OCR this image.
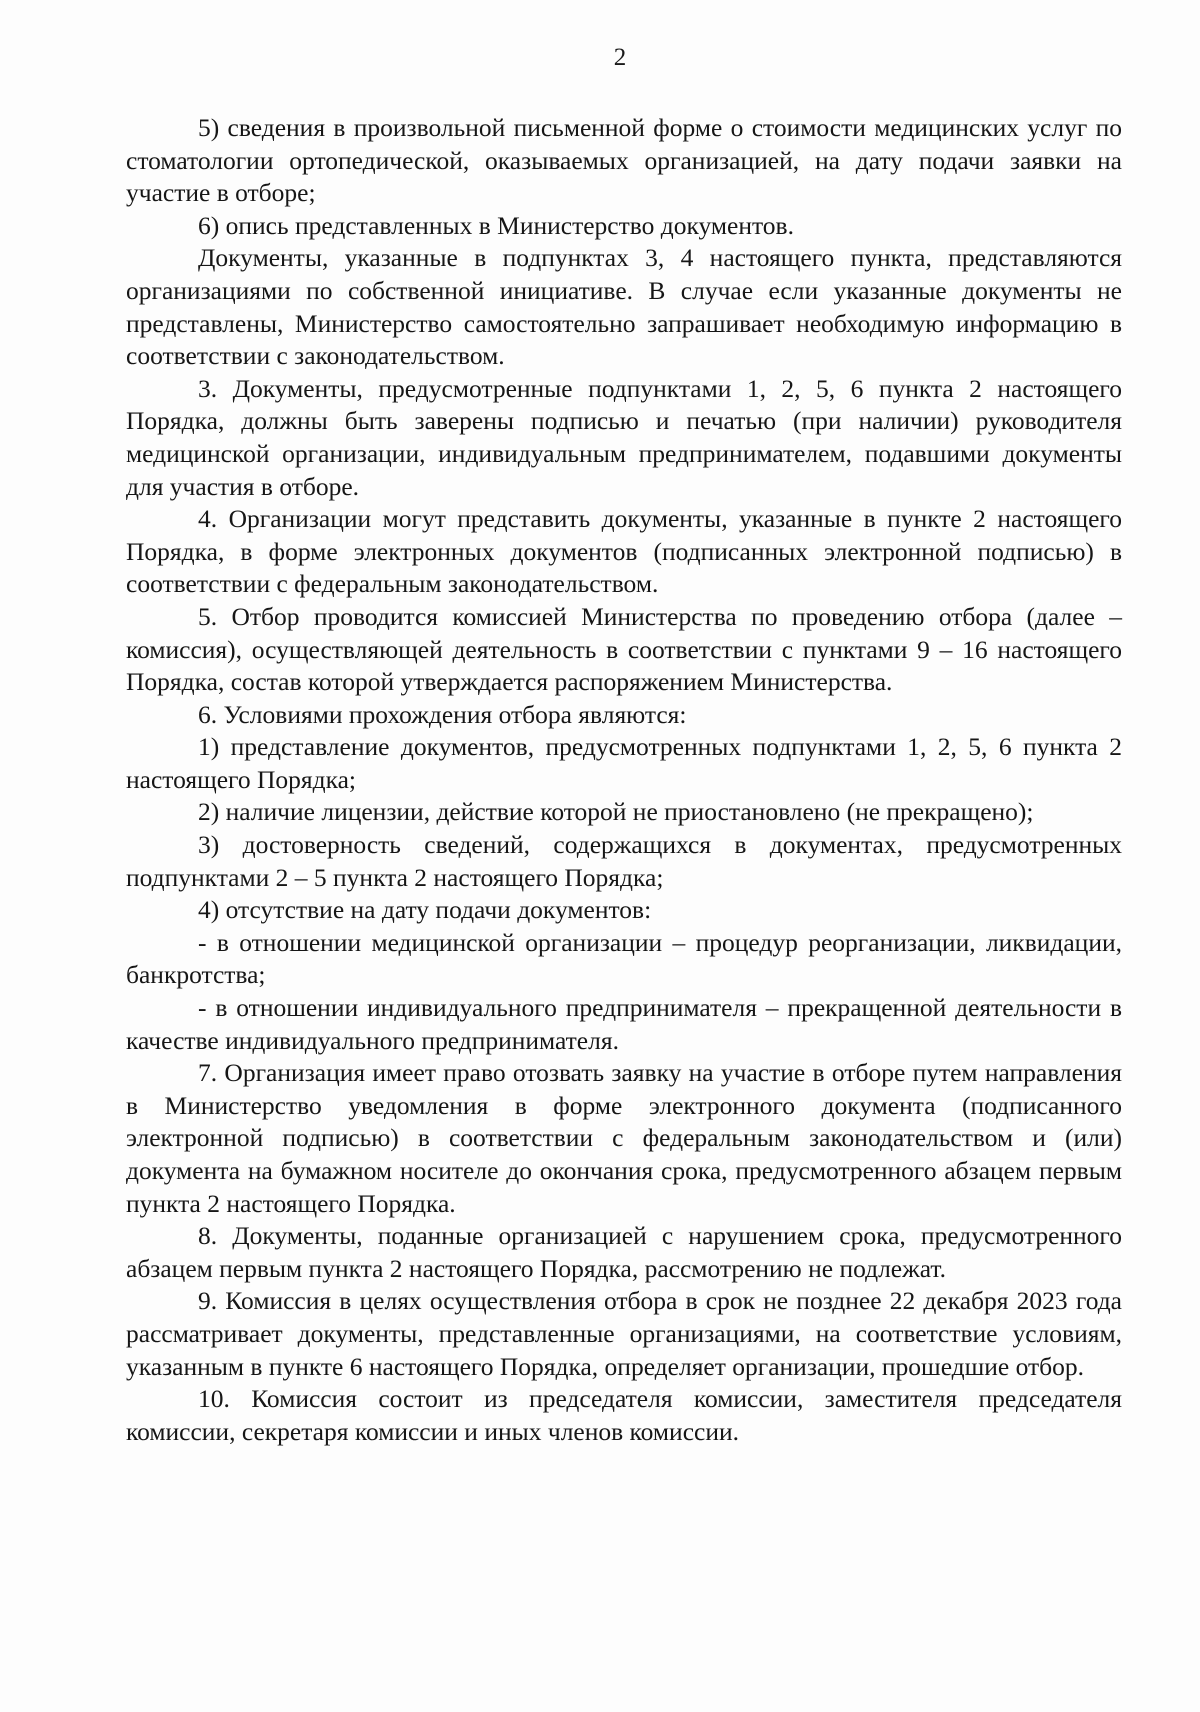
2

5) сведения в произвольной письменной форме о стоимости медицинских услуг по стоматологии ортопедической, оказываемых организацией, на дату подачи заявки на участие в отборе;

6) опись представленных в Министерство документов.

Документы, указанные в подпунктах 3, 4 настоящего пункта, представляются организациями по собственной инициативе. В случае если указанные документы не представлены, Министерство самостоятельно запрашивает необходимую информацию в соответствии с законодательством.

3. Документы, предусмотренные подпунктами 1, 2, 5, 6 пункта 2 настоящего Порядка, должны быть заверены подписью и печатью (при наличии) руководителя медицинской организации, индивидуальным предпринимателем, подавшими документы для участия в отборе.

4. Организации могут представить документы, указанные в пункте 2 настоящего Порядка, в форме электронных документов (подписанных электронной подписью) в соответствии с федеральным законодательством.

5. Отбор проводится комиссией Министерства по проведению отбора (далее – комиссия), осуществляющей деятельность в соответствии с пунктами 9 – 16 настоящего Порядка, состав которой утверждается распоряжением Министерства.

6. Условиями прохождения отбора являются:

1) представление документов, предусмотренных подпунктами 1, 2, 5, 6 пункта 2 настоящего Порядка;

2) наличие лицензии, действие которой не приостановлено (не прекращено);

3) достоверность сведений, содержащихся в документах, предусмотренных подпунктами 2 – 5 пункта 2 настоящего Порядка;

4) отсутствие на дату подачи документов:

- в отношении медицинской организации – процедур реорганизации, ликвидации, банкротства;

- в отношении индивидуального предпринимателя – прекращенной деятельности в качестве индивидуального предпринимателя.

7. Организация имеет право отозвать заявку на участие в отборе путем направления в Министерство уведомления в форме электронного документа (подписанного электронной подписью) в соответствии с федеральным законодательством и (или) документа на бумажном носителе до окончания срока, предусмотренного абзацем первым пункта 2 настоящего Порядка.

8. Документы, поданные организацией с нарушением срока, предусмотренного абзацем первым пункта 2 настоящего Порядка, рассмотрению не подлежат.

9. Комиссия в целях осуществления отбора в срок не позднее 22 декабря 2023 года рассматривает документы, представленные организациями, на соответствие условиям, указанным в пункте 6 настоящего Порядка, определяет организации, прошедшие отбор.

10. Комиссия состоит из председателя комиссии, заместителя председателя комиссии, секретаря комиссии и иных членов комиссии.
